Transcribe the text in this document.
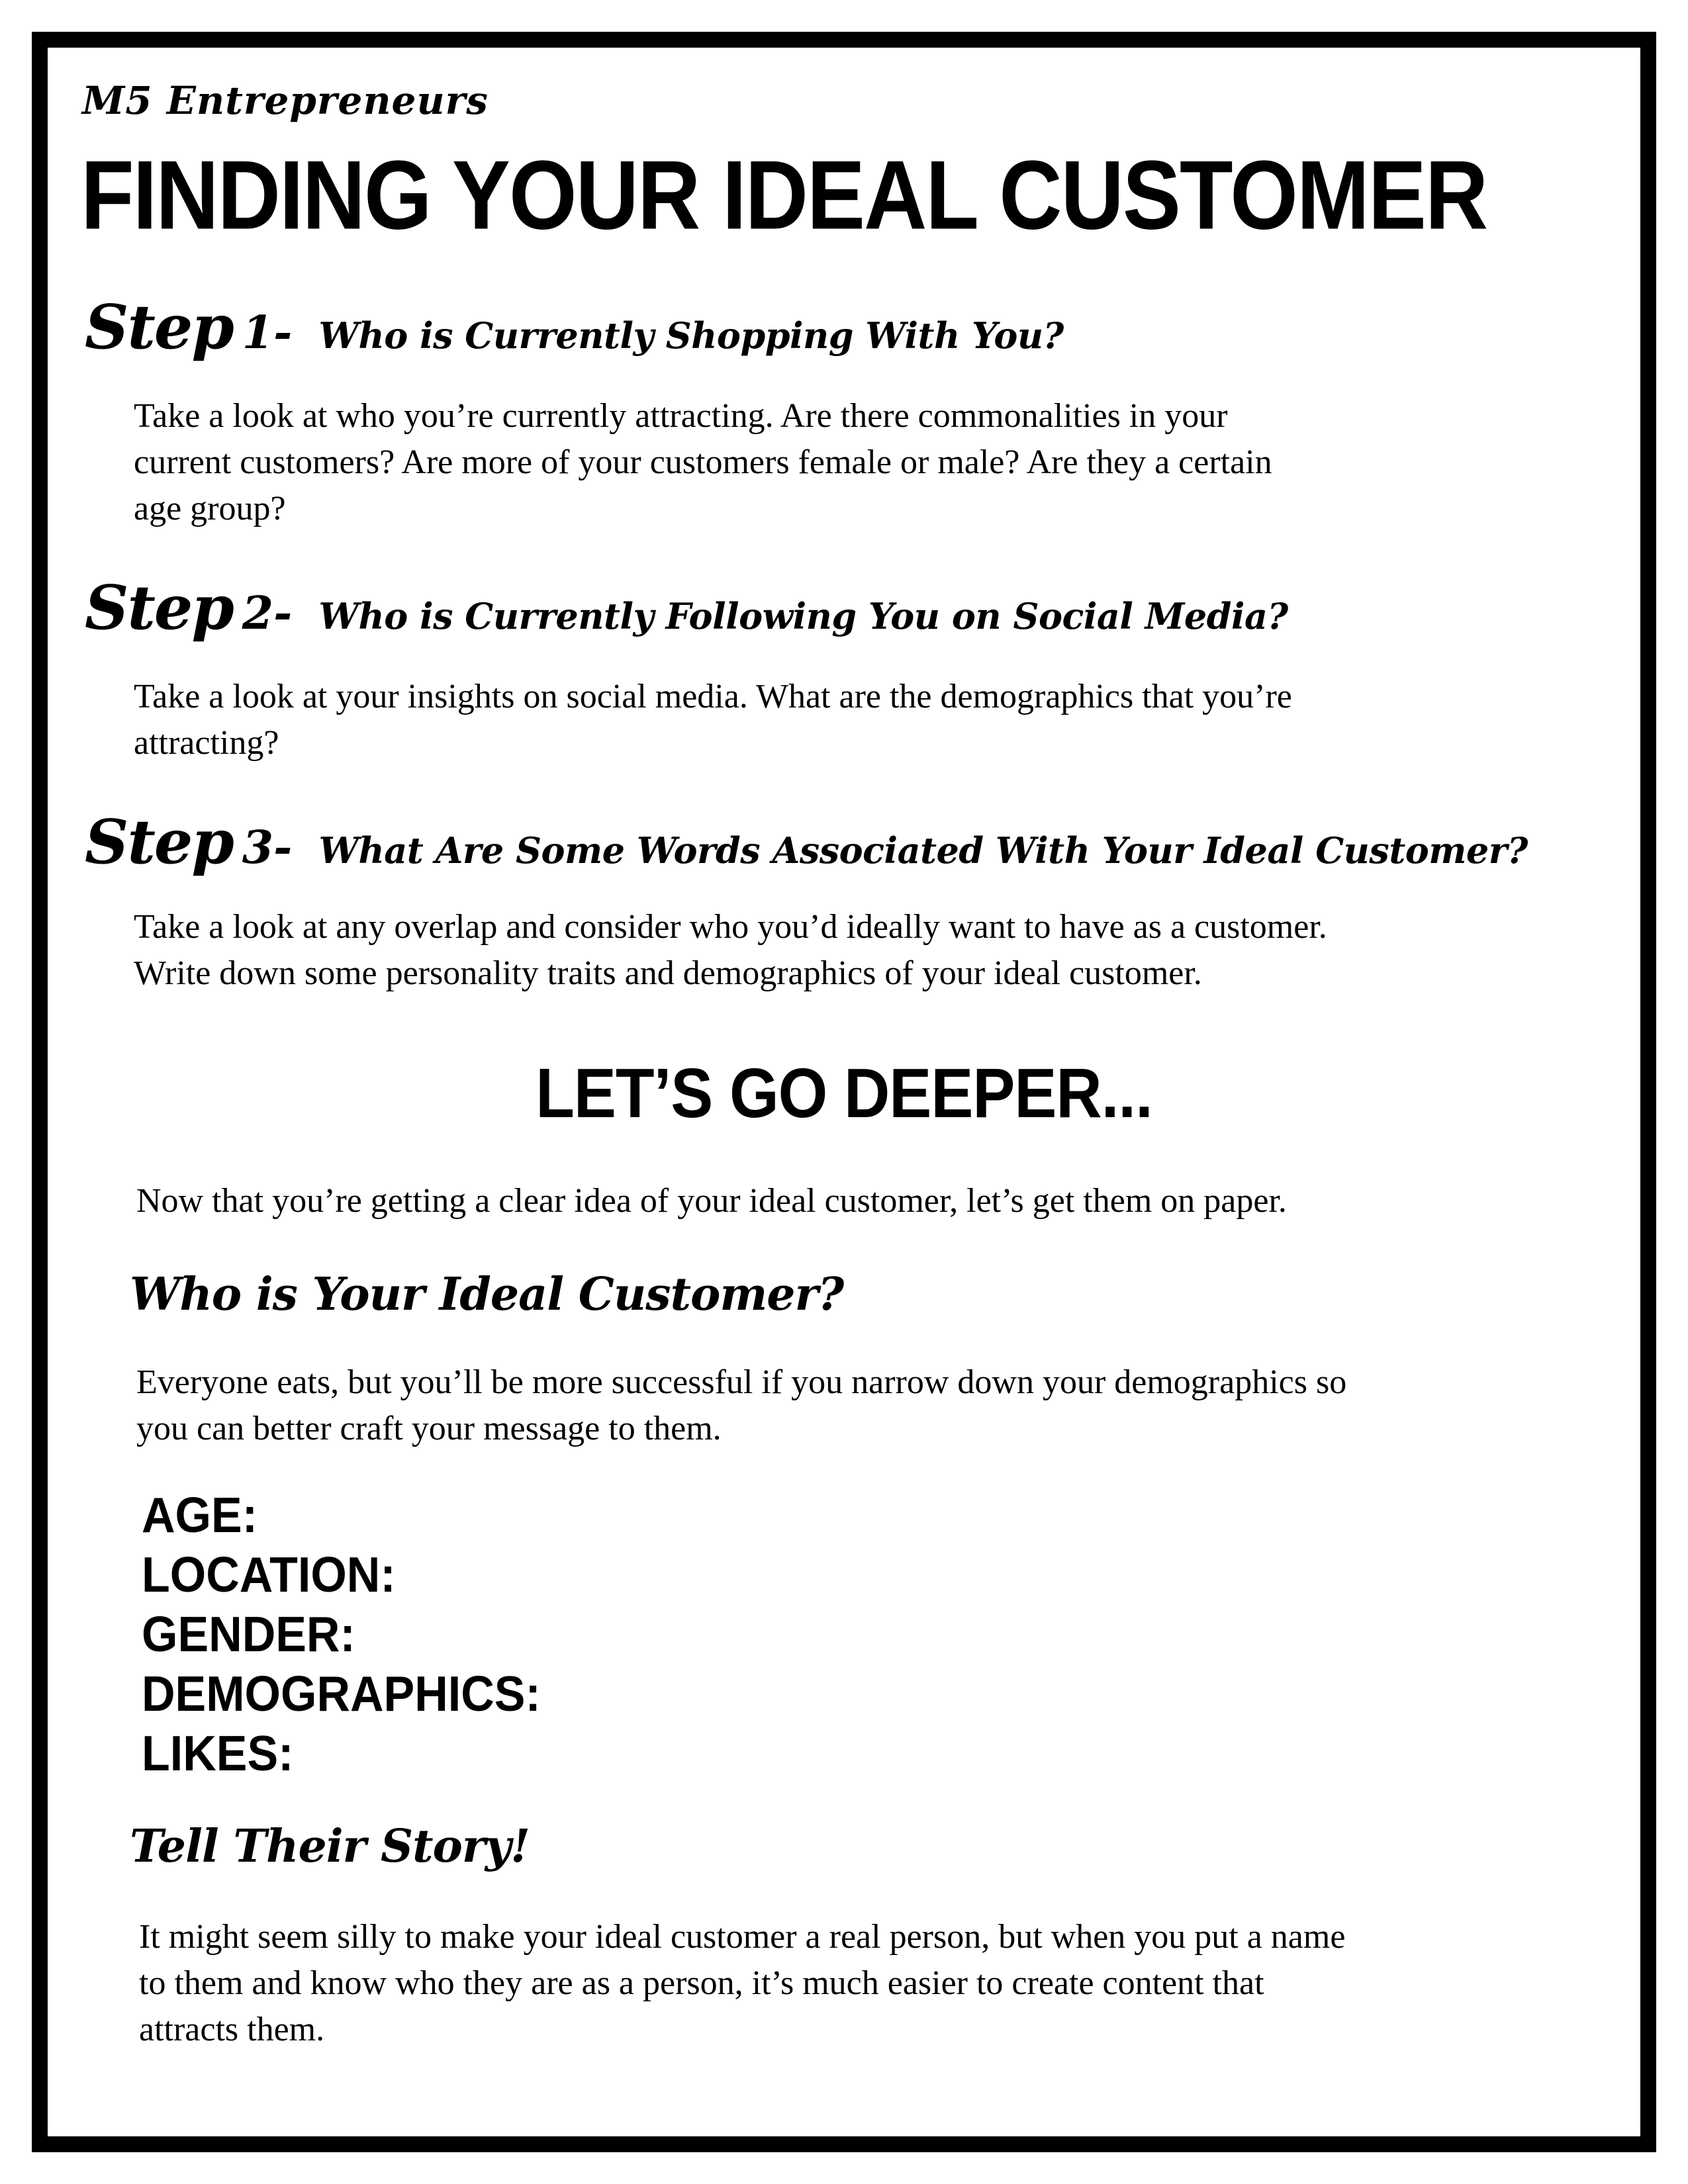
M5 Entrepreneurs
FINDING YOUR IDEAL CUSTOMER
Step 1- Who is Currently Shopping With You?

Take a look at who you’re currently attracting. Are there commonalities in your
current customers? Are more of your customers female or male? Are they a certain
age group?

Step 2- Who is Currently Following You on Social Media?

Take a look at your insights on social media. What are the demographics that you’re
attracting?

Step 3- What Are Some Words Associated With Your Ideal Customer?

Take a look at any overlap and consider who you’d ideally want to have as a customer.
Write down some personality traits and demographics of your ideal customer.

LET’S GO DEEPER...

Now that you’re getting a clear idea of your ideal customer, let’s get them on paper.

Who is Your Ideal Customer?

Everyone eats, but you’ll be more successful if you narrow down your demographics so
you can better craft your message to them.

AGE:
LOCATION:
GENDER:
DEMOGRAPHICS:
LIKES:
Tell Their Story!

It might seem silly to make your ideal customer a real person, but when you put a name
to them and know who they are as a person, it’s much easier to create content that
attracts them.
